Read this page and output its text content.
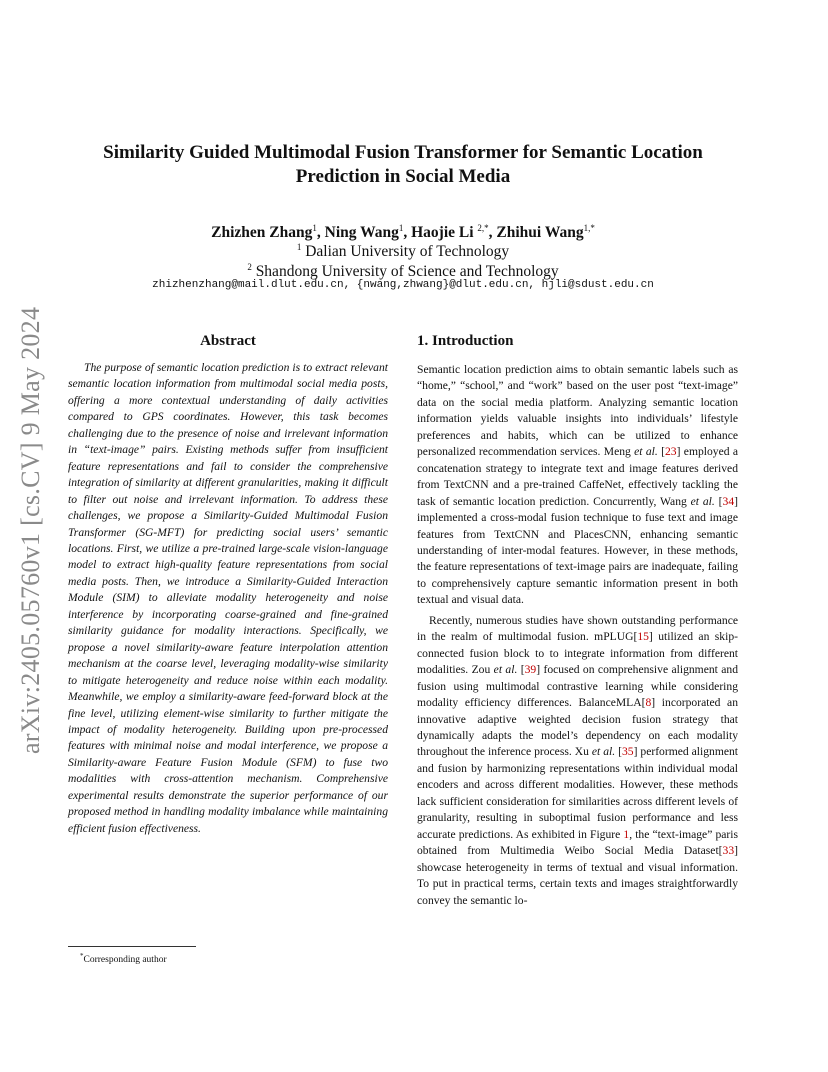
arXiv:2405.05760v1 [cs.CV] 9 May 2024
Similarity Guided Multimodal Fusion Transformer for Semantic Location Prediction in Social Media
Zhizhen Zhang$^1$, Ning Wang$^1$, Haojie Li $^{2,*}$, Zhihui Wang$^{1,*}$
$^1$ Dalian University of Technology
$^2$ Shandong University of Science and Technology
zhizhenzhang@mail.dlut.edu.cn, {nwang,zhwang}@dlut.edu.cn, hjli@sdust.edu.cn
Abstract

The purpose of semantic location prediction is to extract relevant semantic location information from multimodal social media posts, offering a more contextual understanding of daily activities compared to GPS coordinates. However, this task becomes challenging due to the presence of noise and irrelevant information in “text-image” pairs. Existing methods suffer from insufficient feature representations and fail to consider the comprehensive integration of similarity at different granularities, making it difficult to filter out noise and irrelevant information. To address these challenges, we propose a Similarity-Guided Multimodal Fusion Transformer (SG-MFT) for predicting social users’ semantic locations. First, we utilize a pre-trained large-scale vision-language model to extract high-quality feature representations from social media posts. Then, we introduce a Similarity-Guided Interaction Module (SIM) to alleviate modality heterogeneity and noise interference by incorporating coarse-grained and fine-grained similarity guidance for modality interactions. Specifically, we propose a novel similarity-aware feature interpolation attention mechanism at the coarse level, leveraging modality-wise similarity to mitigate heterogeneity and reduce noise within each modality. Meanwhile, we employ a similarity-aware feed-forward block at the fine level, utilizing element-wise similarity to further mitigate the impact of modality heterogeneity. Building upon pre-processed features with minimal noise and modal interference, we propose a Similarity-aware Feature Fusion Module (SFM) to fuse two modalities with cross-attention mechanism. Comprehensive experimental results demonstrate the superior performance of our proposed method in handling modality imbalance while maintaining efficient fusion effectiveness.

1. Introduction

Semantic location prediction aims to obtain semantic labels such as “home,” “school,” and “work” based on the user post “text-image” data on the social media platform. Analyzing semantic location information yields valuable insights into individuals’ lifestyle preferences and habits, which can be utilized to enhance personalized recommendation services. Meng et al. [23] employed a concatenation strategy to integrate text and image features derived from TextCNN and a pre-trained CaffeNet, effectively tackling the task of semantic location prediction. Concurrently, Wang et al. [34] implemented a cross-modal fusion technique to fuse text and image features from TextCNN and PlacesCNN, enhancing semantic understanding of inter-modal features. However, in these methods, the feature representations of text-image pairs are inadequate, failing to comprehensively capture semantic information present in both textual and visual data.

Recently, numerous studies have shown outstanding performance in the realm of multimodal fusion. mPLUG[15] utilized an skip-connected fusion block to to integrate information from different modalities. Zou et al. [39] focused on comprehensive alignment and fusion using multimodal contrastive learning while considering modality efficiency differences. BalanceMLA[8] incorporated an innovative adaptive weighted decision fusion strategy that dynamically adapts the model’s dependency on each modality throughout the inference process. Xu et al. [35] performed alignment and fusion by harmonizing representations within individual modal encoders and across different modalities. However, these methods lack sufficient consideration for similarities across different levels of granularity, resulting in suboptimal fusion performance and less accurate predictions. As exhibited in Figure 1, the “text-image” paris obtained from Multimedia Weibo Social Media Dataset[33] showcase heterogeneity in terms of textual and visual information. To put in practical terms, certain texts and images straightforwardly convey the semantic lo-

*Corresponding author
